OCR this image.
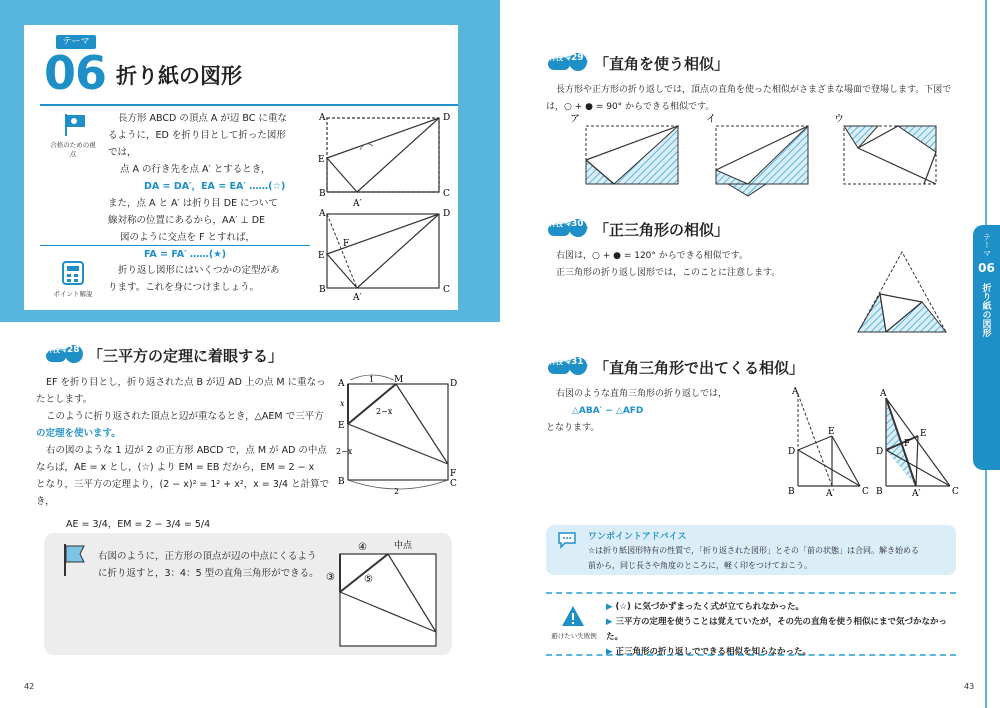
テーマ
06 折り紙の図形
合格のための視点
長方形 ABCD の頂点 A が辺 BC に重な
るように，ED を折り目として折った図形
では，
点 A の行き先を点 A′ とするとき，
DA = DA′，EA = EA′ ……(☆)
また，点 A と A′ は折り目 DE について
線対称の位置にあるから，AA′ ⊥ DE
図のように交点を F とすれば，
FA = FA′ ……(★)
ポイント解説
折り返し図形にはいくつかの定型があ
ります。これを身につけましょう。
A	D
E
B	C
A′
A	D
E
F
B	C
A′
神技 28 「三平方の定理に着眼する」
EF を折り目とし，折り返された点 B が辺 AD 上の点 M に重なっ
たとします。
このように折り返された頂点と辺が重なるとき，△AEM で三平方
の定理を使います。
右の図のような 1 辺が 2 の正方形 ABCD で，点 M が AD の中点
ならば，AE = x とし，(☆) より EM = EB だから，EM = 2 − x
となり，三平方の定理より，(2 − x)² = 1² + x²，x = 3/4 と計算でき，
AE = 3/4，EM = 2 − 3/4 = 5/4
A	1 M	D
x
2−x
E
2−x
F
B
2
C
右図のように，正方形の頂点が辺の中点にくるよう
に折り返すと，3：4：5 型の直角三角形ができる。
④	中点
③	⑤
42
テーマ
06
折り紙の図形
神技 29 「直角を使う相似」
長方形や正方形の折り返しでは，頂点の直角を使った相似がさまざまな場面で登場します。下図で
は，○ + ● = 90° からできる相似です。
ア	イ	ウ
神技 30 「正三角形の相似」
右図は，○ + ● = 120° からできる相似です。
正三角形の折り返し図形では，このことに注意します。
神技 31 「直角三角形で出てくる相似」
右図のような直角三角形の折り返しでは，
△ABA′ ∽ △AFD
となります。
A
D
E
B	A′	C
A
D
F
E
B	A′	C
ワンポイントアドバイス
☆は折り紙図形特有の性質で，「折り返された図形」とその「前の状態」は合同。解き始める
前から，同じ長さや角度のところに，軽く印をつけておこう。
避けたい失敗例
▶ (☆) に気づかずまったく式が立てられなかった。
▶ 三平方の定理を使うことは覚えていたが，その先の直角を使う相似にまで気づかなかった。
▶ 正三角形の折り返しでできる相似を知らなかった。
43
